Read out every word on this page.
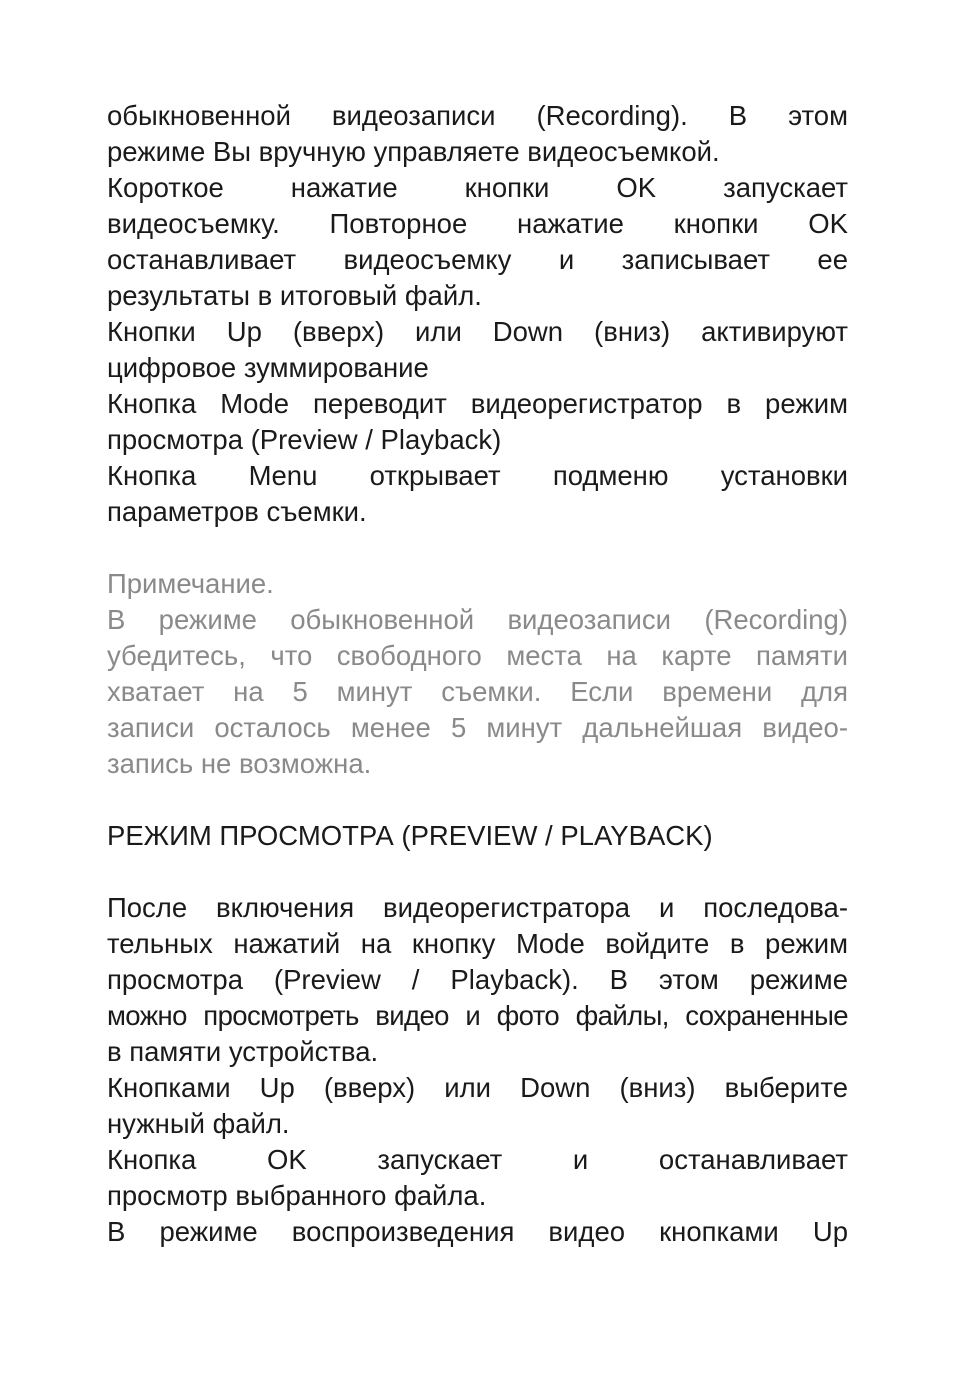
обыкновенной видеозаписи (Recording). В этом
режиме Вы вручную управляете видеосъемкой.
Короткое нажатие кнопки OK запускает
видеосъемку. Повторное нажатие кнопки OK
останавливает видеосъемку и записывает ее
результаты в итоговый файл.
Кнопки Up (вверх) или Down (вниз) активируют
цифровое зуммирование
Кнопка Mode переводит видеорегистратор в режим
просмотра (Preview / Playback)
Кнопка Menu открывает подменю установки
параметров съемки.
Примечание.
В режиме обыкновенной видеозаписи (Recording)
убедитесь, что свободного места на карте памяти
хватает на 5 минут съемки. Если времени для
записи осталось менее 5 минут дальнейшая видео-
запись не возможна.
РЕЖИМ ПРОСМОТРА (PREVIEW / PLAYBACK)
После включения видеорегистратора и последова-
тельных нажатий на кнопку Mode войдите в режим
просмотра (Preview / Playback). В этом режиме
можно просмотреть видео и фото файлы, сохраненные
в памяти устройства.
Кнопками Up (вверх) или Down (вниз) выберите
нужный файл.
Кнопка OK запускает и останавливает
просмотр выбранного файла.
В режиме воспроизведения видео кнопками Up
